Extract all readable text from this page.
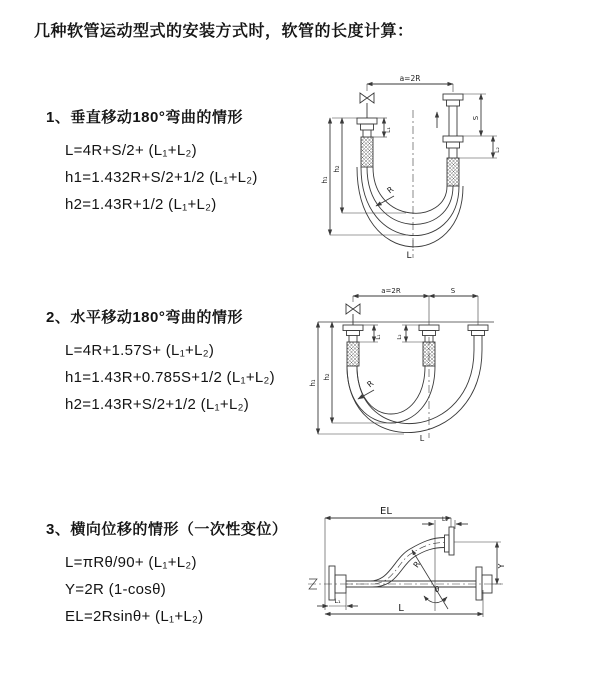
几种软管运动型式的安装方式时，软管的长度计算：
1、垂直移动180°弯曲的情形
L=4R+S/2+ (L₁+L₂)
h1=1.432R+S/2+1/2 (L₁+L₂)
h2=1.43R+1/2 (L₁+L₂)
a=2R
h₁
h₂
L₁
S
L₂
R
L
2、水平移动180°弯曲的情形
L=4R+1.57S+ (L₁+L₂)
h1=1.43R+0.785S+1/2 (L₁+L₂)
h2=1.43R+S/2+1/2 (L₁+L₂)
a=2R	S
h₁
h₂
L₁	L₂
R
L
3、横向位移的情形（一次性变位）
L=πRθ/90+ (L₁+L₂)
Y=2R (1-cosθ)
EL=2Rsinθ+ (L₁+L₂)
EL
L₂
Y
R
θ
L
L₁
